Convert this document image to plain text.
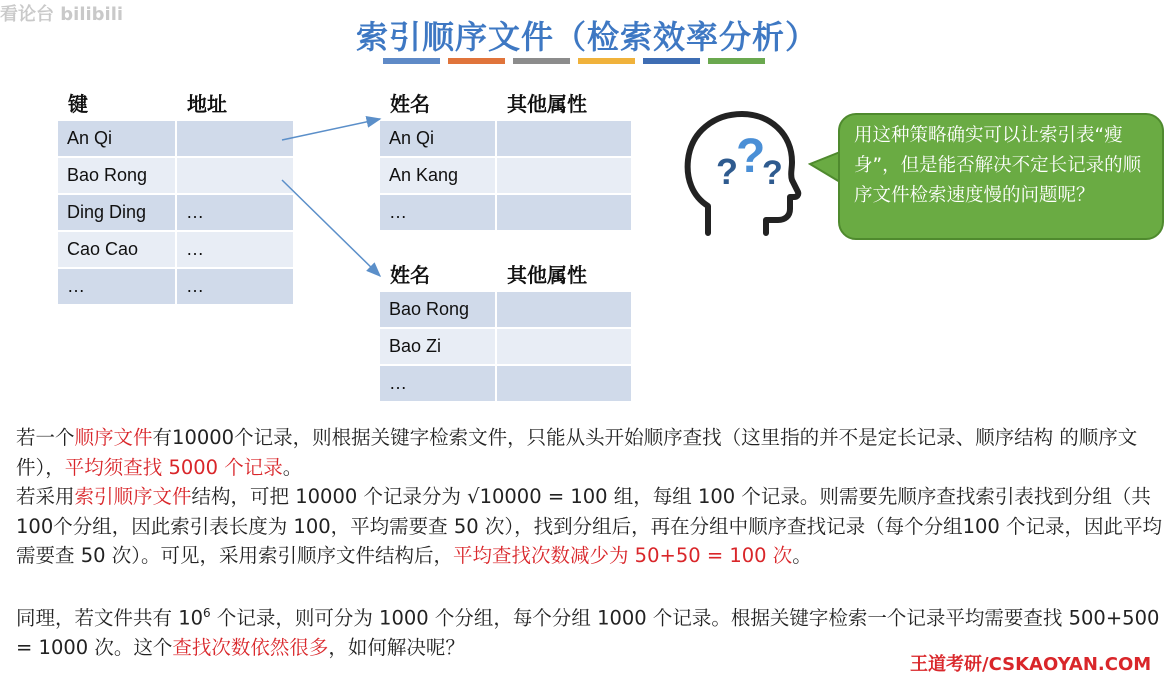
看论台 bilibili
索引顺序文件（检索效率分析）
键	地址
An Qi	
Bao Rong	
Ding Ding	…
Cao Cao	…
…	…
姓名	其他属性
An Qi	
An Kang	
…	
姓名	其他属性
Bao Rong	
Bao Zi	
…	
?
?
?
用这种策略确实可以让索引表“瘦身”，但是能否解决不定长记录的顺序文件检索速度慢的问题呢？
若一个顺序文件有10000个记录，则根据关键字检索文件，只能从头开始顺序查找（这里指的并不是定长记录、顺序结构 的顺序文件），平均须查找 5000 个记录。
若采用索引顺序文件结构，可把 10000 个记录分为 √10000 = 100 组，每组 100 个记录。则需要先顺序查找索引表找到分组（共100个分组，因此索引表长度为 100，平均需要查 50 次），找到分组后，再在分组中顺序查找记录（每个分组100 个记录，因此平均需要查 50 次）。可见，采用索引顺序文件结构后，平均查找次数减少为 50+50 = 100 次。
同理，若文件共有 $10^6$ 个记录，则可分为 1000 个分组，每个分组 1000 个记录。根据关键字检索一个记录平均需要查找 500+500 = 1000 次。这个查找次数依然很多，如何解决呢？
王道考研/CSKAOYAN.COM
